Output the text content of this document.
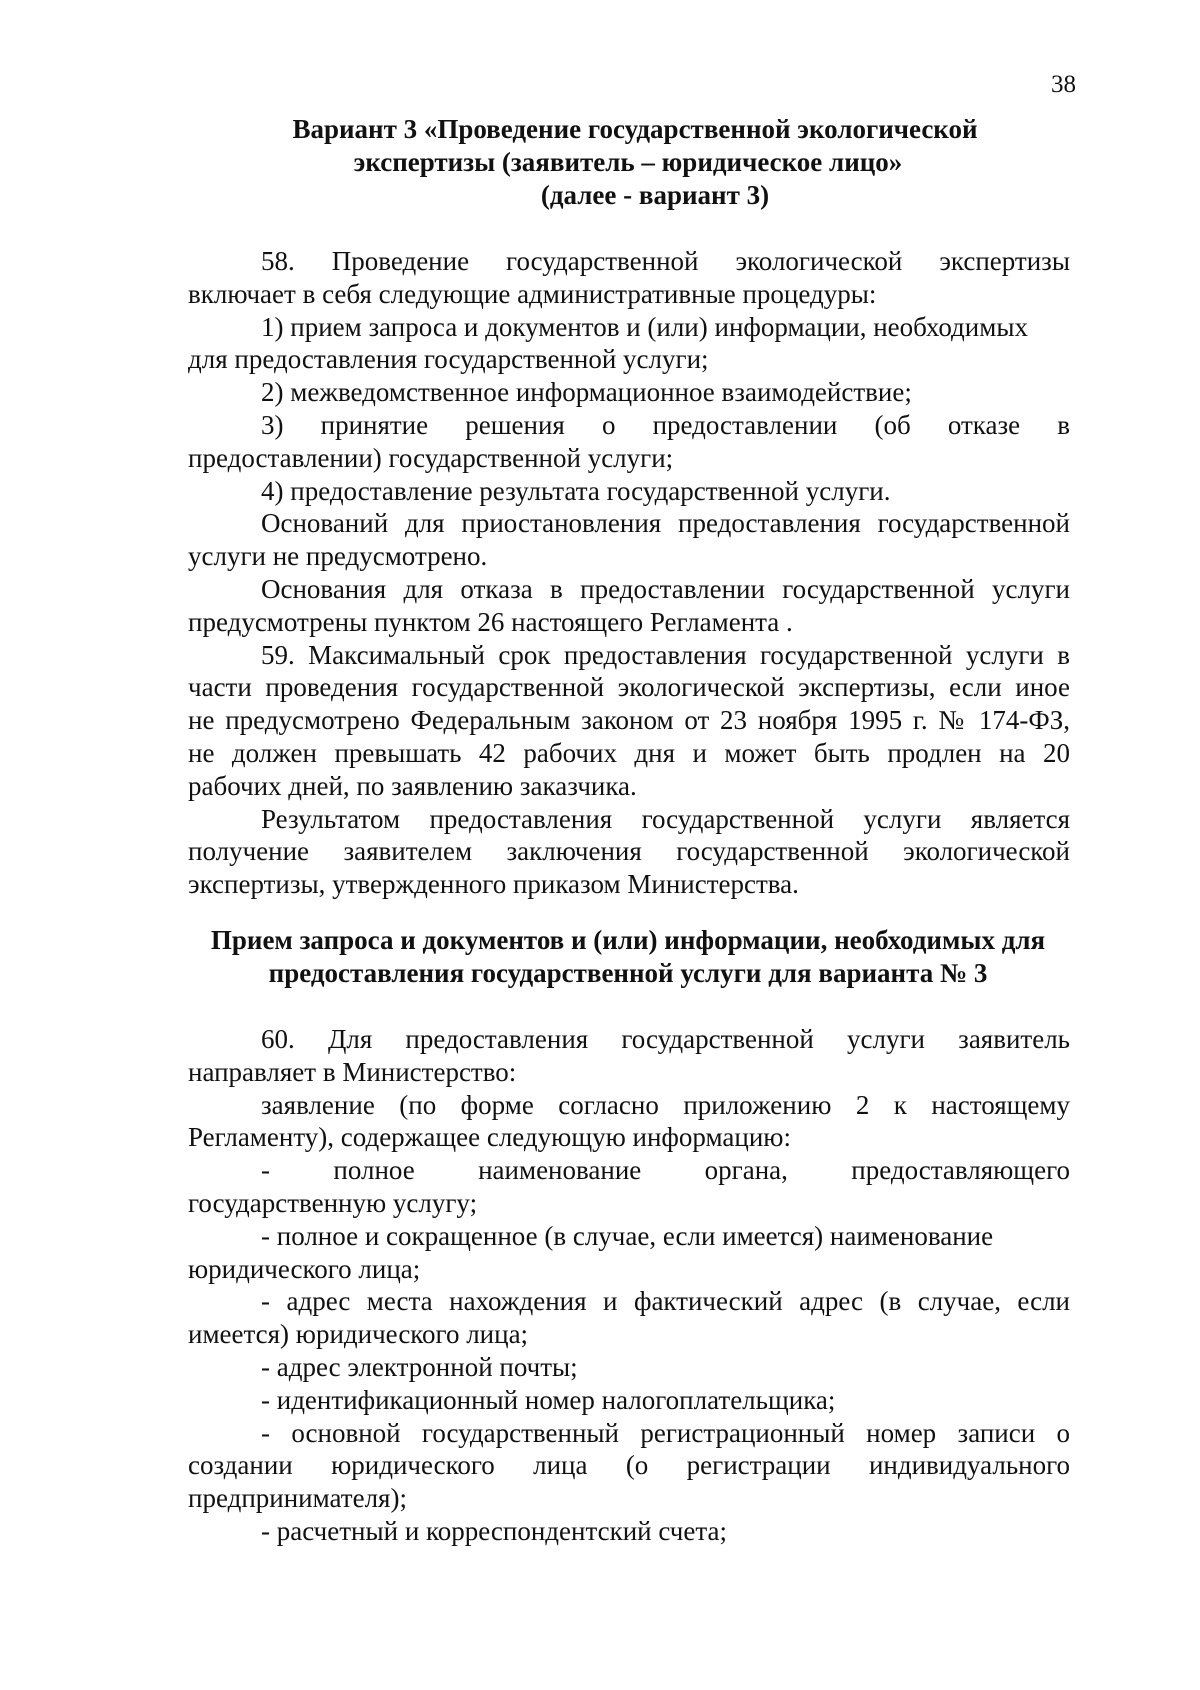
38
Вариант 3 «Проведение государственной экологической
экспертизы (заявитель – юридическое лицо»
(далее - вариант 3)
58. Проведение государственной экологической экспертизы
включает в себя следующие административные процедуры:
1) прием запроса и документов и (или) информации, необходимых
для предоставления государственной услуги;
2) межведомственное информационное взаимодействие;
3) принятие решения о предоставлении (об отказе в
предоставлении) государственной услуги;
4) предоставление результата государственной услуги.
Оснований для приостановления предоставления государственной
услуги не предусмотрено.
Основания для отказа в предоставлении государственной услуги
предусмотрены пунктом 26 настоящего Регламента .
59. Максимальный срок предоставления государственной услуги в
части проведения государственной экологической экспертизы, если иное
не предусмотрено Федеральным законом от 23 ноября 1995 г. № 174-ФЗ,
не должен превышать 42 рабочих дня и может быть продлен на 20
рабочих дней, по заявлению заказчика.
Результатом предоставления государственной услуги является
получение заявителем заключения государственной экологической
экспертизы, утвержденного приказом Министерства.
Прием запроса и документов и (или) информации, необходимых для
предоставления государственной услуги для варианта № 3
60. Для предоставления государственной услуги заявитель
направляет в Министерство:
заявление (по форме согласно приложению 2 к настоящему
Регламенту), содержащее следующую информацию:
- полное наименование органа, предоставляющего
государственную услугу;
- полное и сокращенное (в случае, если имеется) наименование
юридического лица;
- адрес места нахождения и фактический адрес (в случае, если
имеется) юридического лица;
- адрес электронной почты;
- идентификационный номер налогоплательщика;
- основной государственный регистрационный номер записи о
создании юридического лица (о регистрации индивидуального
предпринимателя);
- расчетный и корреспондентский счета;
